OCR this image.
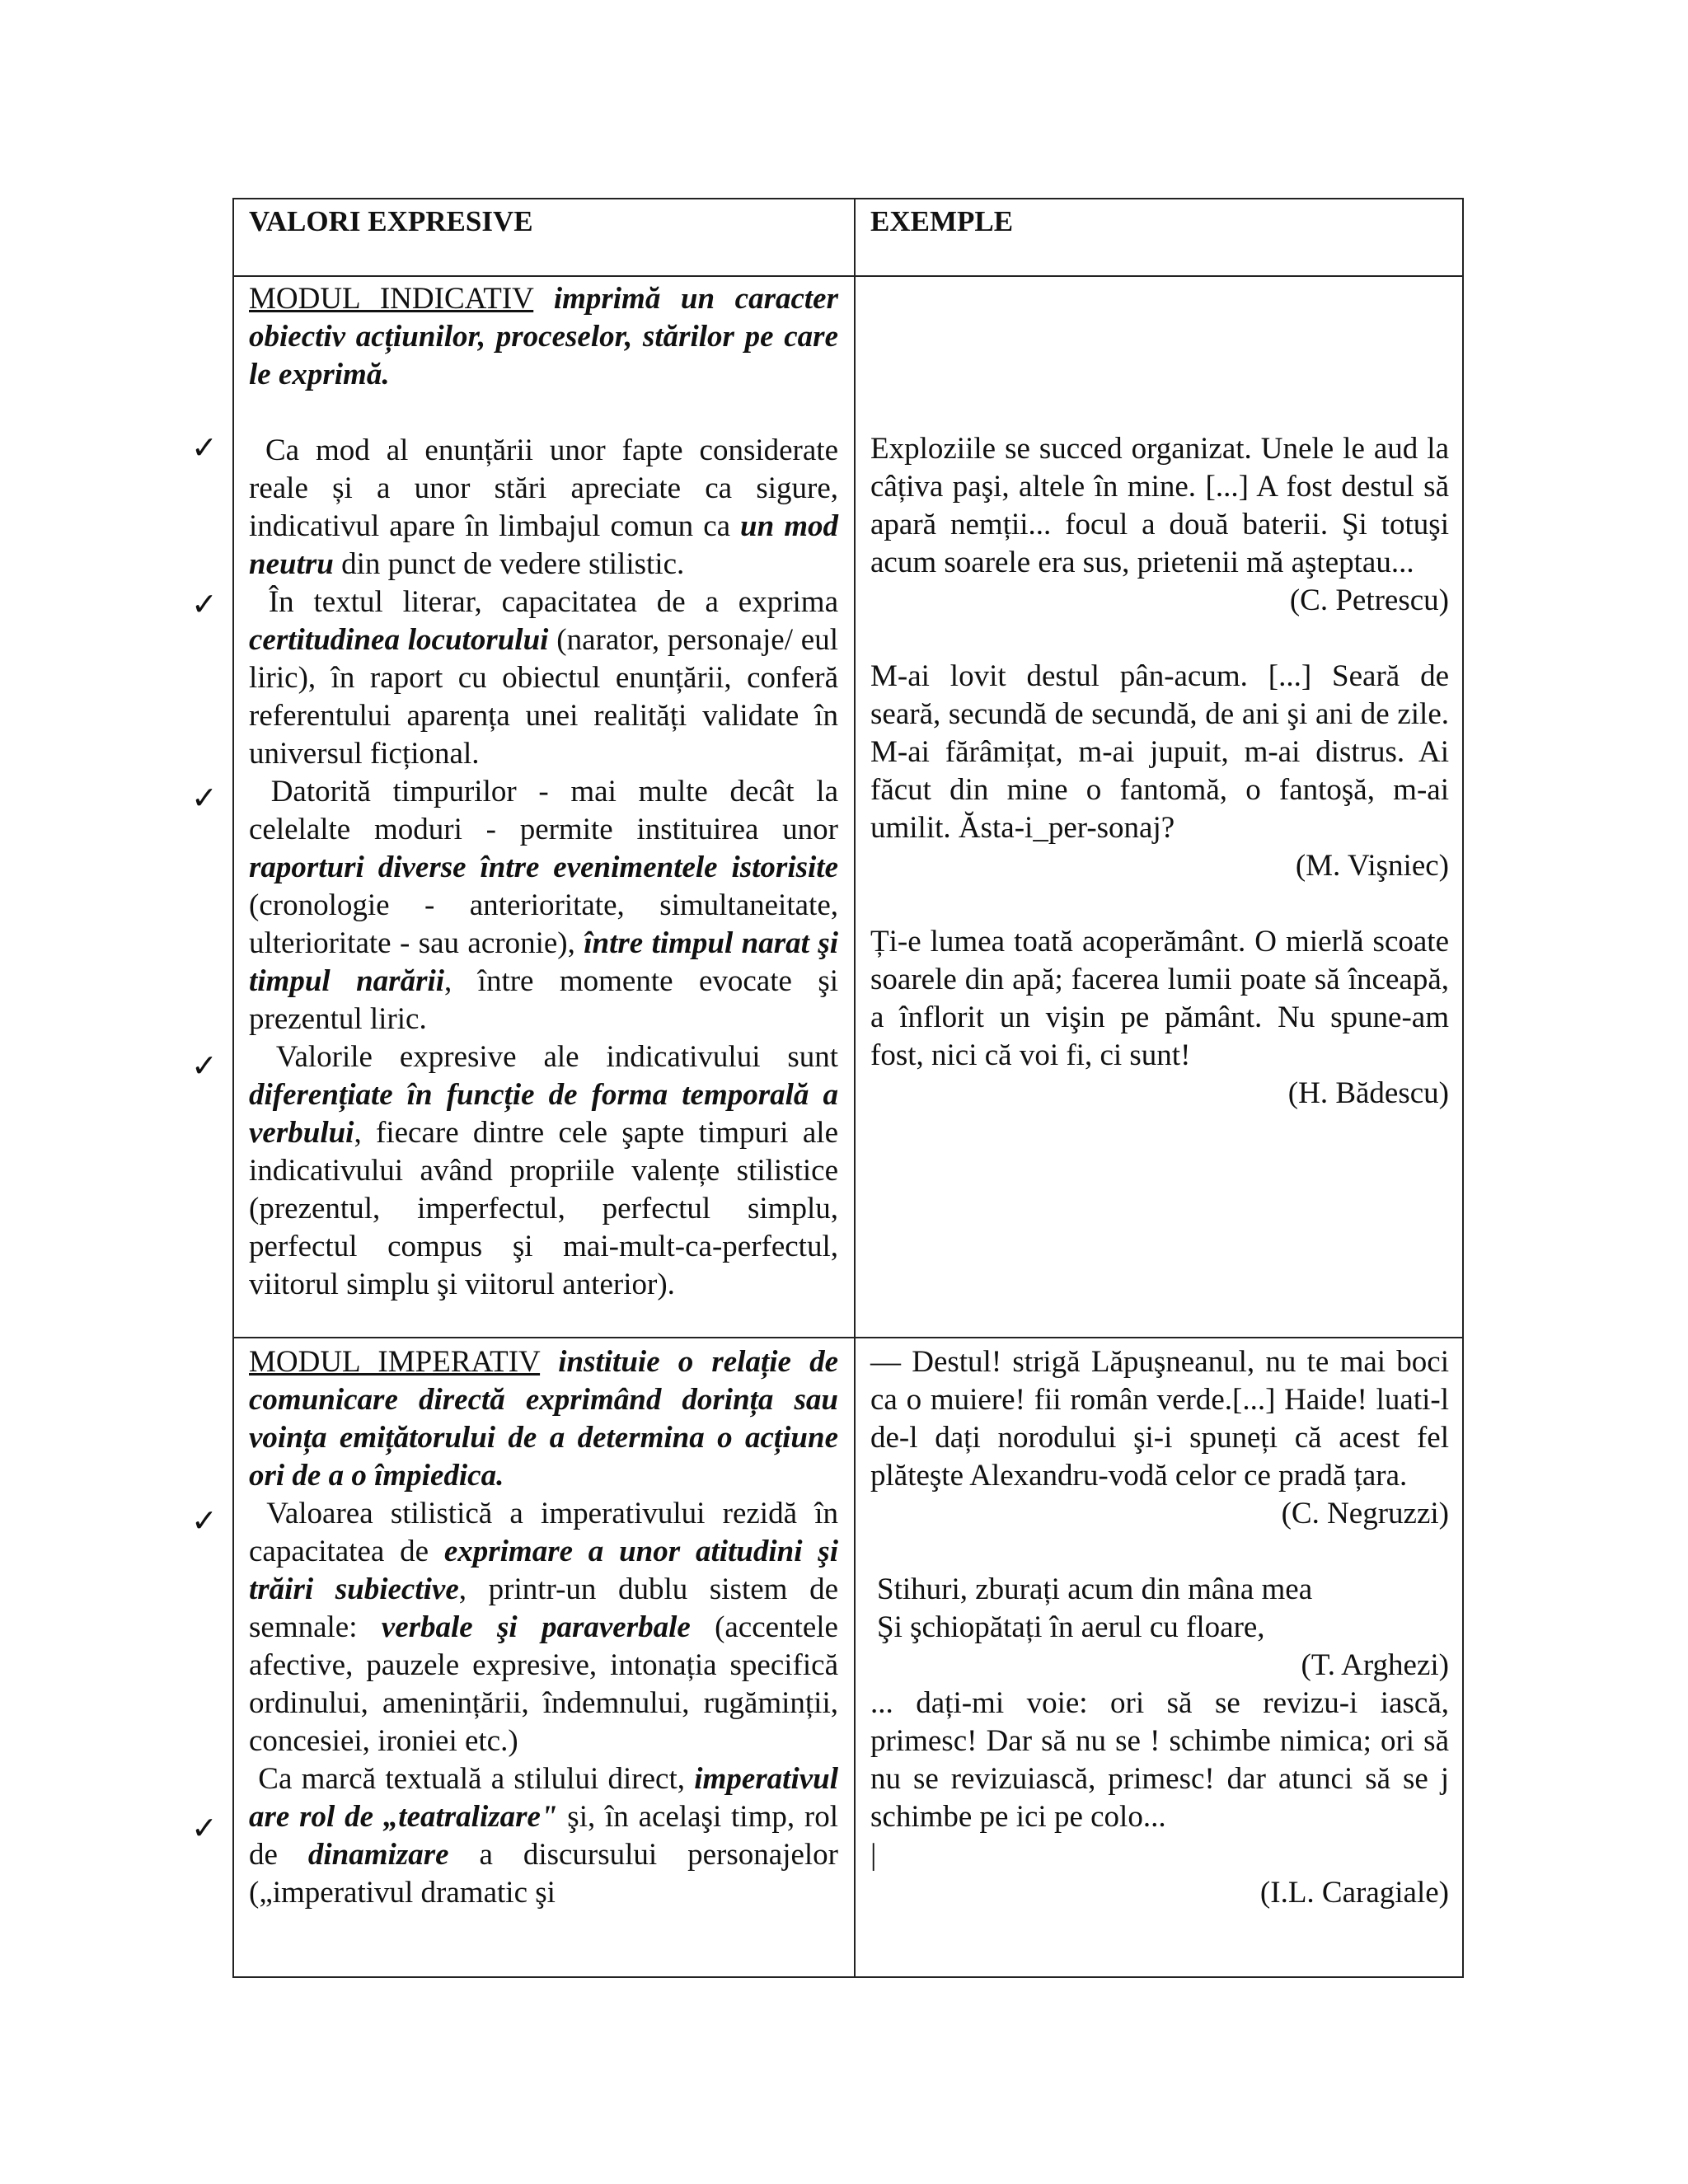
✓
✓
✓
✓
✓
✓
VALORI EXPRESIVE	EXEMPLE

MODUL INDICATIV imprimă un caracter obiectiv acțiunilor, proceselor, stărilor pe care le exprimă.

Ca mod al enunțării unor fapte considerate reale și a unor stări apreciate ca sigure, indicativul apare în limbajul comun ca un mod neutru din punct de vedere stilistic.

În textul literar, capacitatea de a exprima certitudinea locutorului (narator, personaje/ eul liric), în raport cu obiectul enunțării, conferă referentului aparența unei realități validate în universul ficțional.

Datorită timpurilor - mai multe decât la celelalte moduri - permite instituirea unor raporturi diverse între evenimentele istorisite (cronologie - anterioritate, simultaneitate, ulterioritate - sau acronie), între timpul narat şi timpul narării, între momente evocate şi prezentul liric.

Valorile expresive ale indicativului sunt diferențiate în funcție de forma temporală a verbului, fiecare dintre cele şapte timpuri ale indicativului având propriile valențe stilistice (prezentul, imperfectul, perfectul simplu, perfectul compus şi mai-mult-ca-perfectul, viitorul simplu şi viitorul anterior).

Exploziile se succed organizat. Unele le aud la câțiva paşi, altele în mine. [...] A fost destul să apară nemții... focul a două baterii. Şi totuşi acum soarele era sus, prietenii mă aşteptau...

(C. Petrescu)

M-ai lovit destul pân-acum. [...] Seară de seară, secundă de secundă, de ani şi ani de zile. M-ai fărâmițat, m-ai jupuit, m-ai distrus. Ai făcut din mine o fantomă, o fantoşă, m-ai umilit. Ăsta-i_per-sonaj?

(M. Vişniec)

Ți-e lumea toată acoperământ. O mierlă scoate soarele din apă; facerea lumii poate să înceapă, a înflorit un vişin pe pământ. Nu spune-am fost, nici că voi fi, ci sunt!

(H. Bădescu)

MODUL IMPERATIV instituie o relație de comunicare directă exprimând dorința sau voința emițătorului de a determina o acțiune ori de a o împiedica.

Valoarea stilistică a imperativului rezidă în capacitatea de exprimare a unor atitudini şi trăiri subiective, printr-un dublu sistem de semnale: verbale şi paraverbale (accentele afective, pauzele expresive, intonația specifică ordinului, amenințării, îndemnului, rugăminții, concesiei, ironiei etc.)

Ca marcă textuală a stilului direct, imperativul are rol de „teatralizare" şi, în acelaşi timp, rol de dinamizare a discursului personajelor („imperativul dramatic şi

— Destul! strigă Lăpuşneanul, nu te mai boci ca o muiere! fii român verde.[...] Haide! luati-l de-l dați norodului şi-i spuneți că acest fel plăteşte Alexandru-vodă celor ce pradă țara.

(C. Negruzzi)

Stihuri, zburați acum din mâna mea

Şi şchiopătați în aerul cu floare,

(T. Arghezi)

... dați-mi voie: ori să se revizu-i iască, primesc! Dar să nu se ! schimbe nimica; ori să nu se revizuiască, primesc! dar atunci să se j schimbe pe ici pe colo...

|

(I.L. Caragiale)
